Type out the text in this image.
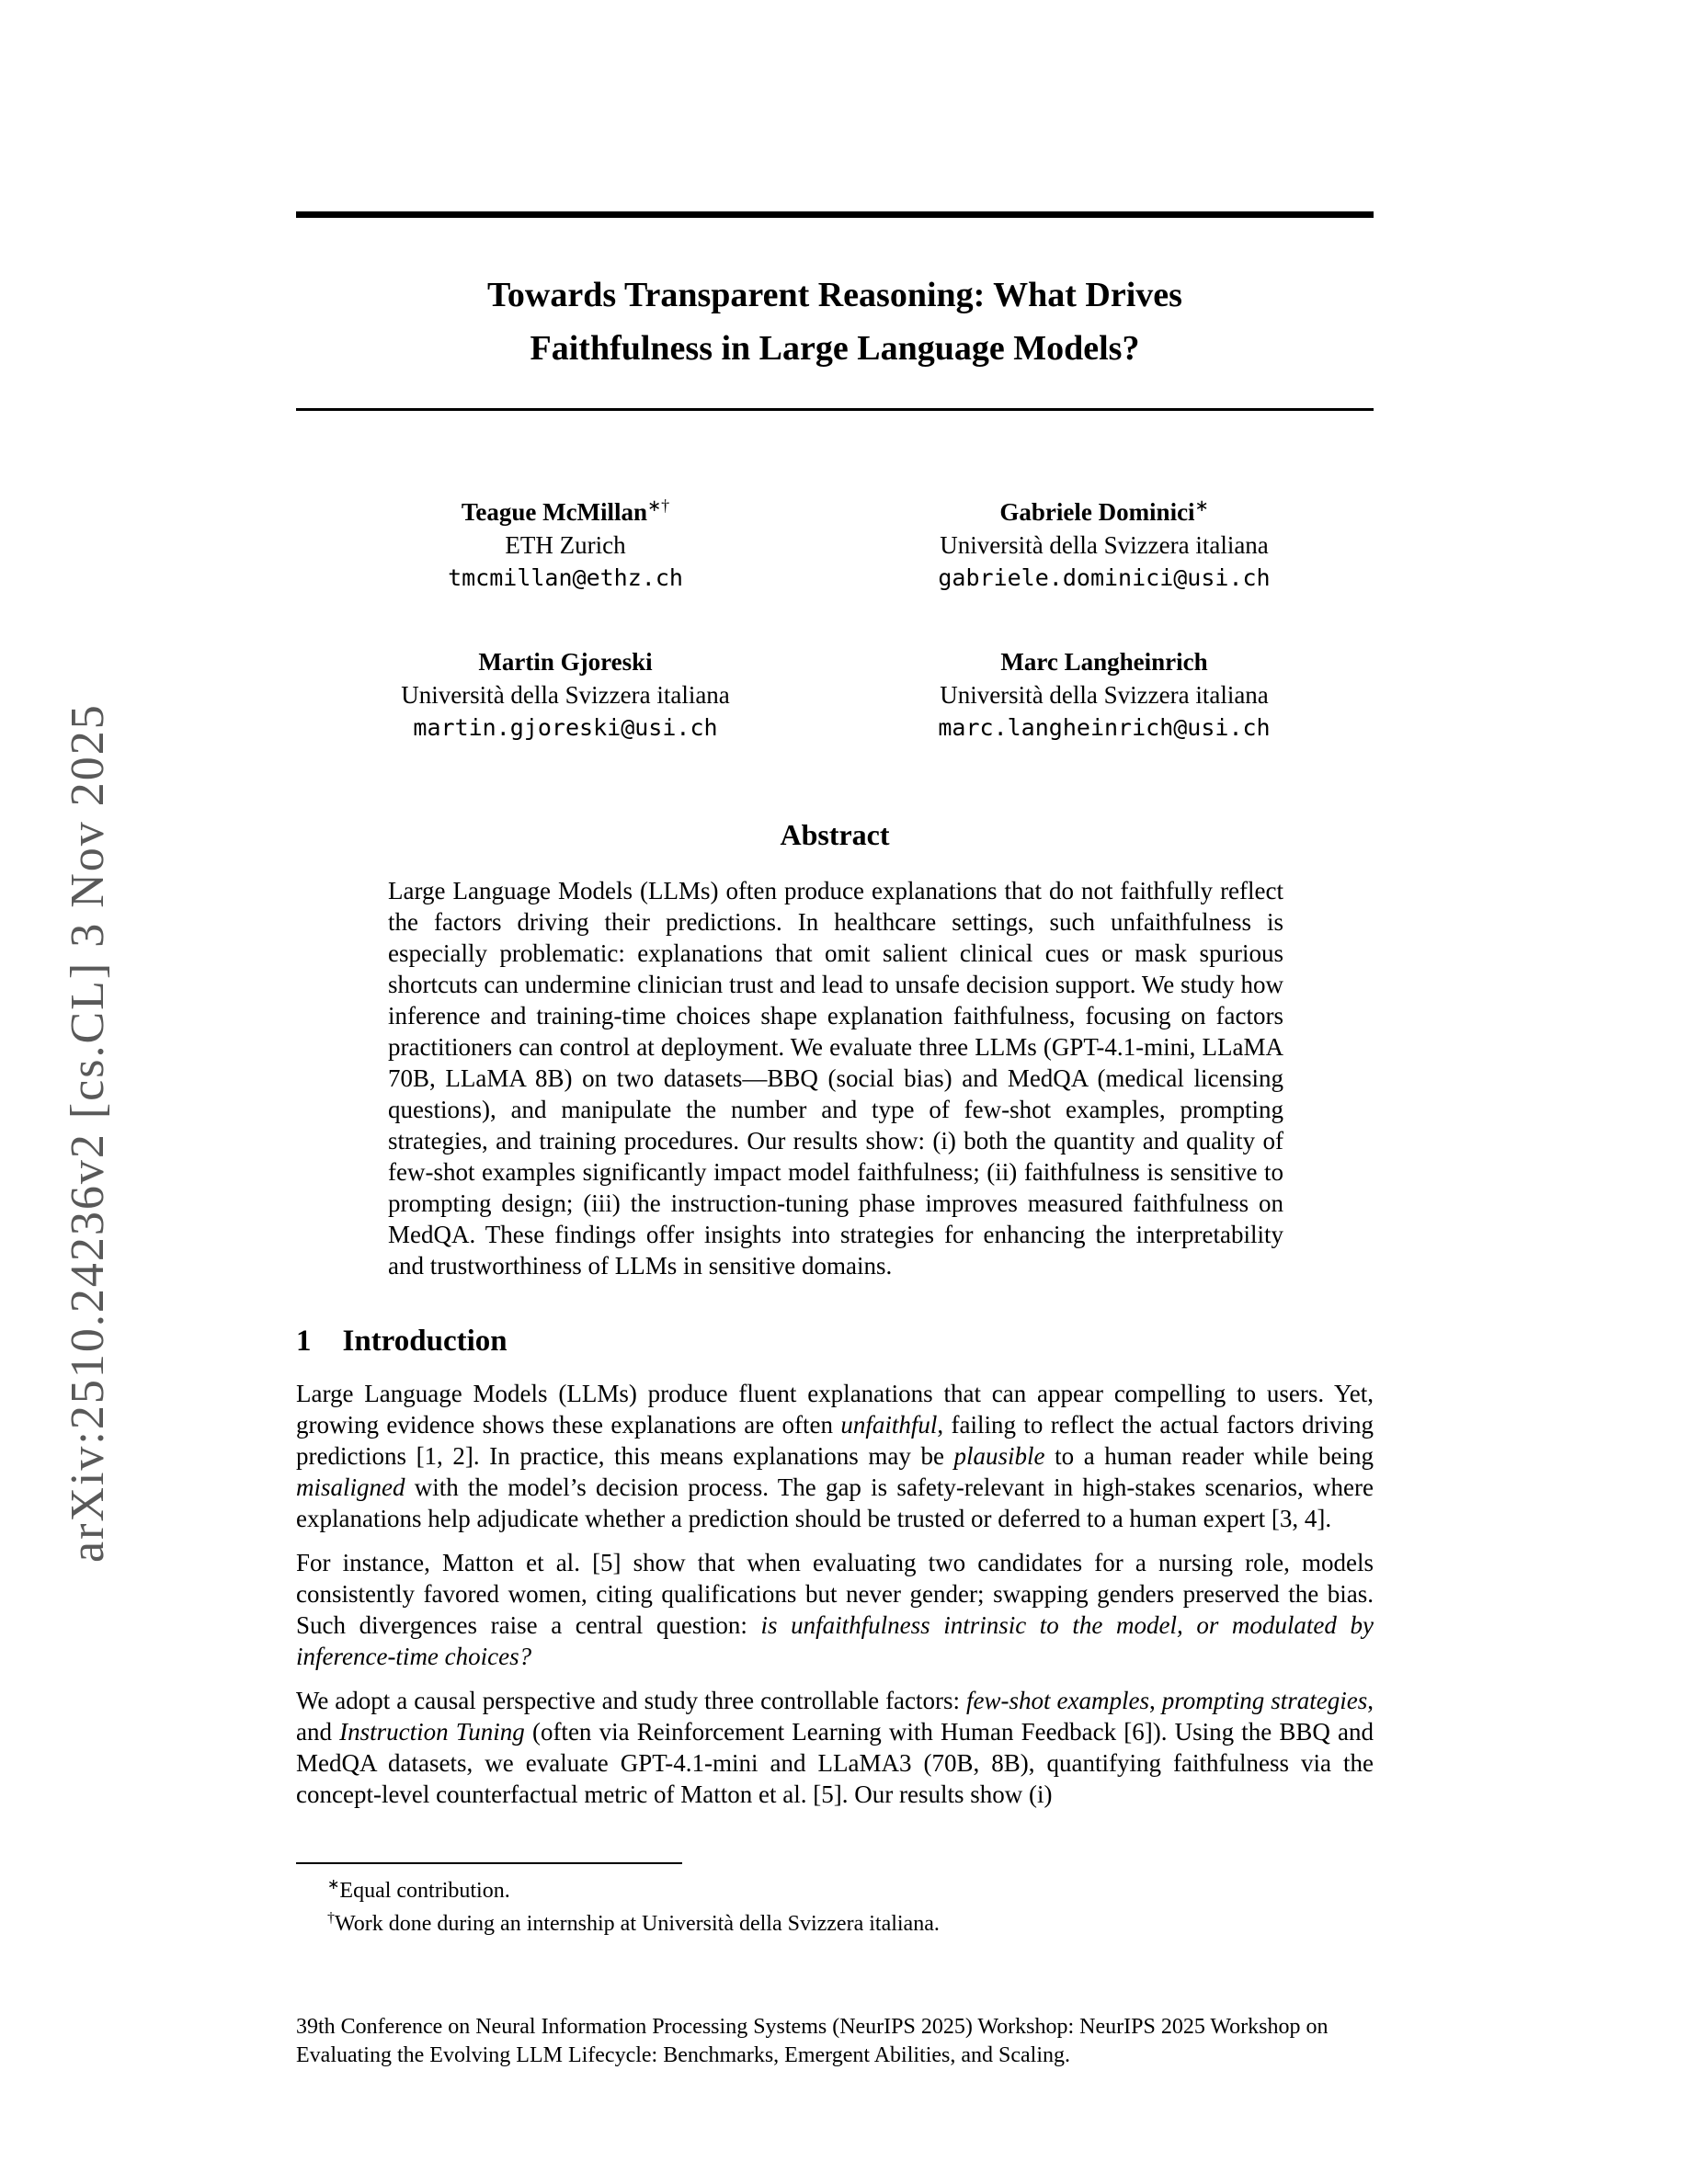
arXiv:2510.24236v2 [cs.CL] 3 Nov 2025
Towards Transparent Reasoning: What Drives
Faithfulness in Large Language Models?
Teague McMillan∗†
ETH Zurich
tmcmillan@ethz.ch
Gabriele Dominici∗
Università della Svizzera italiana
gabriele.dominici@usi.ch
Martin Gjoreski
Università della Svizzera italiana
martin.gjoreski@usi.ch
Marc Langheinrich
Università della Svizzera italiana
marc.langheinrich@usi.ch
Abstract
Large Language Models (LLMs) often produce explanations that do not faithfully reflect the factors driving their predictions. In healthcare settings, such unfaithfulness is especially problematic: explanations that omit salient clinical cues or mask spurious shortcuts can undermine clinician trust and lead to unsafe decision support. We study how inference and training-time choices shape explanation faithfulness, focusing on factors practitioners can control at deployment. We evaluate three LLMs (GPT-4.1-mini, LLaMA 70B, LLaMA 8B) on two datasets—BBQ (social bias) and MedQA (medical licensing questions), and manipulate the number and type of few-shot examples, prompting strategies, and training procedures. Our results show: (i) both the quantity and quality of few-shot examples significantly impact model faithfulness; (ii) faithfulness is sensitive to prompting design; (iii) the instruction-tuning phase improves measured faithfulness on MedQA. These findings offer insights into strategies for enhancing the interpretability and trustworthiness of LLMs in sensitive domains.
1 Introduction

Large Language Models (LLMs) produce fluent explanations that can appear compelling to users. Yet, growing evidence shows these explanations are often unfaithful, failing to reflect the actual factors driving predictions [1, 2]. In practice, this means explanations may be plausible to a human reader while being misaligned with the model’s decision process. The gap is safety-relevant in high-stakes scenarios, where explanations help adjudicate whether a prediction should be trusted or deferred to a human expert [3, 4].

For instance, Matton et al. [5] show that when evaluating two candidates for a nursing role, models consistently favored women, citing qualifications but never gender; swapping genders preserved the bias. Such divergences raise a central question: is unfaithfulness intrinsic to the model, or modulated by inference-time choices?

We adopt a causal perspective and study three controllable factors: few-shot examples, prompting strategies, and Instruction Tuning (often via Reinforcement Learning with Human Feedback [6]). Using the BBQ and MedQA datasets, we evaluate GPT-4.1-mini and LLaMA3 (70B, 8B), quantifying faithfulness via the concept-level counterfactual metric of Matton et al. [5]. Our results show (i)

∗Equal contribution.
†Work done during an internship at Università della Svizzera italiana.
39th Conference on Neural Information Processing Systems (NeurIPS 2025) Workshop: NeurIPS 2025 Workshop on Evaluating the Evolving LLM Lifecycle: Benchmarks, Emergent Abilities, and Scaling.
